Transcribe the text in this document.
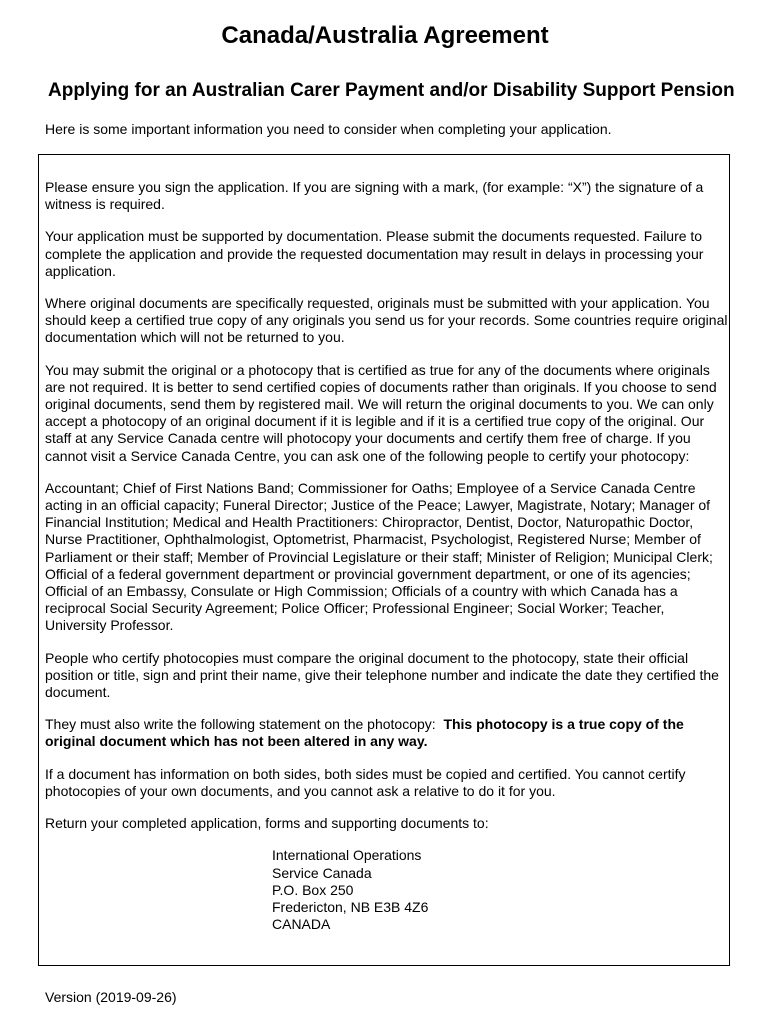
Canada/Australia Agreement
Applying for an Australian Carer Payment and/or Disability Support Pension

Here is some important information you need to consider when completing your application.

Please ensure you sign the application. If you are signing with a mark, (for example: “X”) the signature of a witness is required.

Your application must be supported by documentation. Please submit the documents requested. Failure to complete the application and provide the requested documentation may result in delays in processing your application.

Where original documents are specifically requested, originals must be submitted with your application. You should keep a certified true copy of any originals you send us for your records. Some countries require original documentation which will not be returned to you.

You may submit the original or a photocopy that is certified as true for any of the documents where originals are not required. It is better to send certified copies of documents rather than originals. If you choose to send original documents, send them by registered mail. We will return the original documents to you. We can only accept a photocopy of an original document if it is legible and if it is a certified true copy of the original. Our staff at any Service Canada centre will photocopy your documents and certify them free of charge. If you cannot visit a Service Canada Centre, you can ask one of the following people to certify your photocopy:

Accountant; Chief of First Nations Band; Commissioner for Oaths; Employee of a Service Canada Centre acting in an official capacity; Funeral Director; Justice of the Peace; Lawyer, Magistrate, Notary; Manager of Financial Institution; Medical and Health Practitioners: Chiropractor, Dentist, Doctor, Naturopathic Doctor, Nurse Practitioner, Ophthalmologist, Optometrist, Pharmacist, Psychologist, Registered Nurse; Member of Parliament or their staff; Member of Provincial Legislature or their staff; Minister of Religion; Municipal Clerk; Official of a federal government department or provincial government department, or one of its agencies; Official of an Embassy, Consulate or High Commission; Officials of a country with which Canada has a reciprocal Social Security Agreement; Police Officer; Professional Engineer; Social Worker; Teacher, University Professor.

People who certify photocopies must compare the original document to the photocopy, state their official position or title, sign and print their name, give their telephone number and indicate the date they certified the document.

They must also write the following statement on the photocopy:  This photocopy is a true copy of the original document which has not been altered in any way.

If a document has information on both sides, both sides must be copied and certified. You cannot certify photocopies of your own documents, and you cannot ask a relative to do it for you.

Return your completed application, forms and supporting documents to:

International Operations
Service Canada
P.O. Box 250
Fredericton, NB E3B 4Z6
CANADA

Version (2019-09-26)
